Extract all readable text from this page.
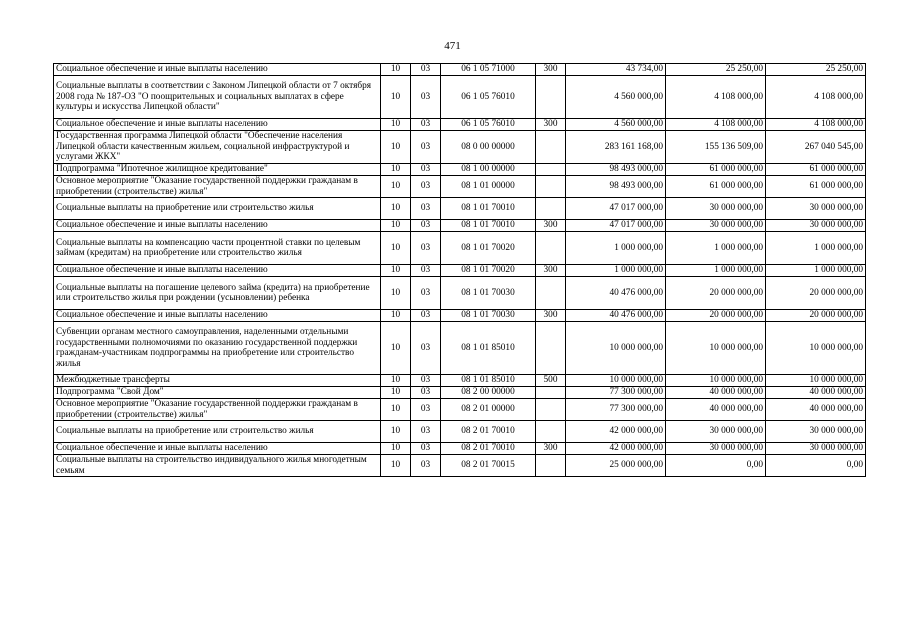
471
Социальное обеспечение и иные выплаты населению	10	03	06 1 05 71000	300	43 734,00	25 250,00	25 250,00
Социальные выплаты в соответствии с Законом Липецкой области от 7 октября 2008 года № 187-ОЗ "О поощрительных и социальных выплатах в сфере культуры и искусства Липецкой области"	10	03	06 1 05 76010		4 560 000,00	4 108 000,00	4 108 000,00
Социальное обеспечение и иные выплаты населению	10	03	06 1 05 76010	300	4 560 000,00	4 108 000,00	4 108 000,00
Государственная программа Липецкой области "Обеспечение населения Липецкой области качественным жильем, социальной инфраструктурой и услугами ЖКХ"	10	03	08 0 00 00000		283 161 168,00	155 136 509,00	267 040 545,00
Подпрограмма "Ипотечное жилищное кредитование"	10	03	08 1 00 00000		98 493 000,00	61 000 000,00	61 000 000,00
Основное мероприятие "Оказание государственной поддержки гражданам в приобретении (строительстве) жилья"	10	03	08 1 01 00000		98 493 000,00	61 000 000,00	61 000 000,00
Социальные выплаты на приобретение или строительство жилья	10	03	08 1 01 70010		47 017 000,00	30 000 000,00	30 000 000,00
Социальное обеспечение и иные выплаты населению	10	03	08 1 01 70010	300	47 017 000,00	30 000 000,00	30 000 000,00
Социальные выплаты на компенсацию части процентной ставки по целевым займам (кредитам) на приобретение или строительство жилья	10	03	08 1 01 70020		1 000 000,00	1 000 000,00	1 000 000,00
Социальное обеспечение и иные выплаты населению	10	03	08 1 01 70020	300	1 000 000,00	1 000 000,00	1 000 000,00
Социальные выплаты на погашение целевого займа (кредита) на приобретение или строительство жилья при рождении (усыновлении) ребенка	10	03	08 1 01 70030		40 476 000,00	20 000 000,00	20 000 000,00
Социальное обеспечение и иные выплаты населению	10	03	08 1 01 70030	300	40 476 000,00	20 000 000,00	20 000 000,00
Субвенции органам местного самоуправления, наделенными отдельными государственными полномочиями по оказанию государственной поддержки гражданам-участникам подпрограммы на приобретение или строительство жилья	10	03	08 1 01 85010		10 000 000,00	10 000 000,00	10 000 000,00
Межбюджетные трансферты	10	03	08 1 01 85010	500	10 000 000,00	10 000 000,00	10 000 000,00
Подпрограмма "Свой Дом"	10	03	08 2 00 00000		77 300 000,00	40 000 000,00	40 000 000,00
Основное мероприятие "Оказание государственной поддержки гражданам в приобретении (строительстве) жилья"	10	03	08 2 01 00000		77 300 000,00	40 000 000,00	40 000 000,00
Социальные выплаты на приобретение или строительство жилья	10	03	08 2 01 70010		42 000 000,00	30 000 000,00	30 000 000,00
Социальное обеспечение и иные выплаты населению	10	03	08 2 01 70010	300	42 000 000,00	30 000 000,00	30 000 000,00
Социальные выплаты на строительство индивидуального жилья многодетным семьям	10	03	08 2 01 70015		25 000 000,00	0,00	0,00
